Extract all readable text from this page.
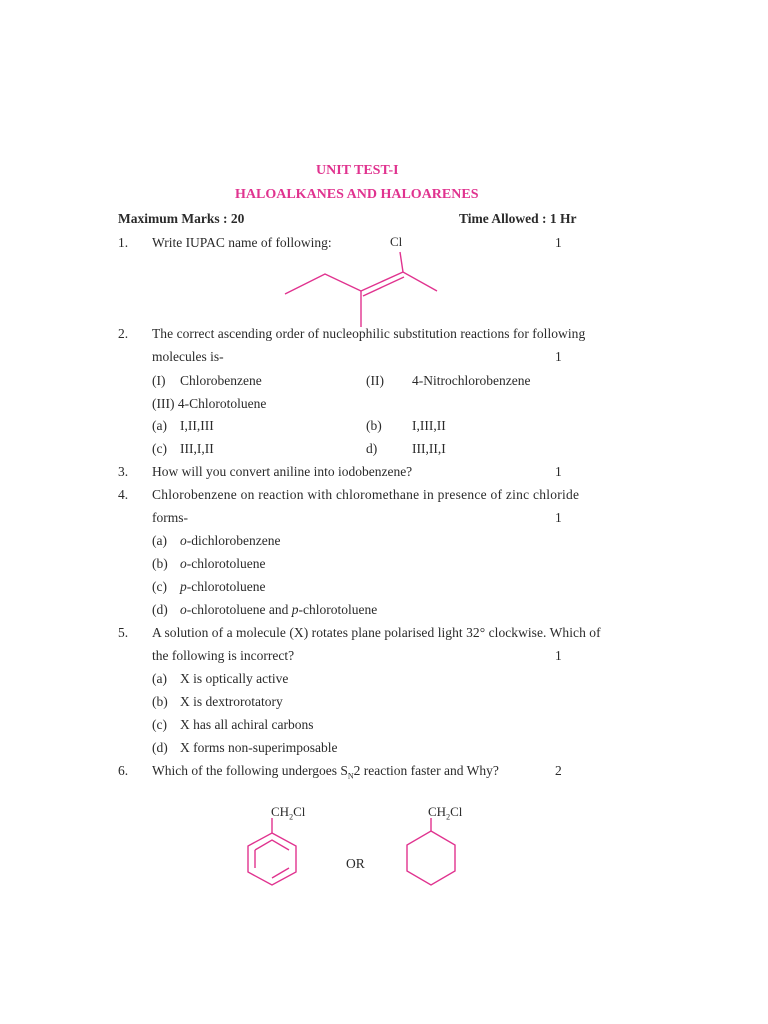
UNIT TEST-I
HALOALKANES AND HALOARENES
Maximum Marks : 20	Time Allowed : 1 Hr
1. Write IUPAC name of following:	1
Cl
2. The correct ascending order of nucleophilic substitution reactions for following
molecules is-	1
(I) Chlorobenzene	(II) 4-Nitrochlorobenzene
(III) 4-Chlorotoluene
(a) I,II,III	(b) I,III,II
(c) III,I,II	d)	III,II,I
3. How will you convert aniline into iodobenzene?	1
4. Chlorobenzene on reaction with chloromethane in presence of zinc chloride
forms-	1
(a) o-dichlorobenzene
(b) o-chlorotoluene
(c) p-chlorotoluene
(d) o-chlorotoluene and p-chlorotoluene
5. A solution of a molecule (X) rotates plane polarised light 32° clockwise. Which of
the following is incorrect?	1
(a) X is optically active
(b) X is dextrorotatory
(c) X has all achiral carbons
(d) X forms non-superimposable
6. Which of the following undergoes $S_N2$ reaction faster and Why?	2
$CH_2Cl$
OR
$CH_2Cl$
